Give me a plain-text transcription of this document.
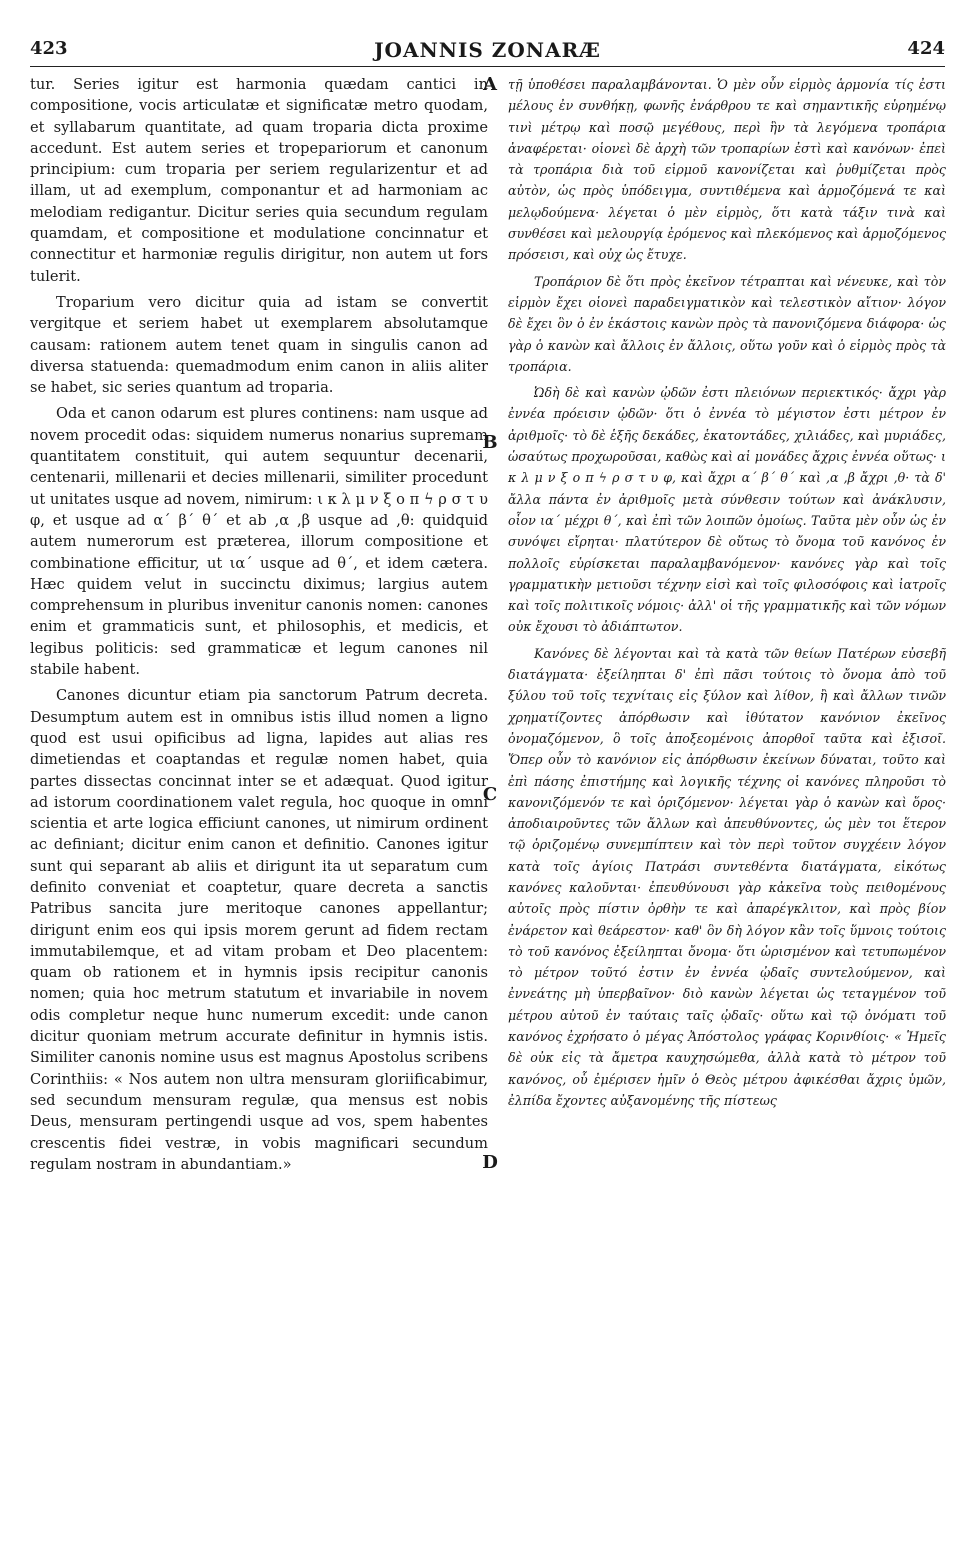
423	JOANNIS ZONARÆ	424

tur. Series igitur est harmonia quædam cantici in compositione, vocis articulatæ et significatæ metro quodam, et syllabarum quantitate, ad quam troparia dicta proxime accedunt. Est autem series et tropepariorum et canonum principium: cum troparia per seriem regularizentur et ad illam, ut ad exemplum, componantur et ad harmoniam ac melodiam redigantur. Dicitur series quia secundum regulam quamdam, et compositione et modulatione concinnatur et connectitur et harmoniæ regulis dirigitur, non autem ut fors tulerit.

Troparium vero dicitur quia ad istam se convertit vergitque et seriem habet ut exemplarem absolutamque causam: rationem autem tenet quam in singulis canon ad diversa statuenda: quemadmodum enim canon in aliis aliter se habet, sic series quantum ad troparia.

Oda et canon odarum est plures continens: nam usque ad novem procedit odas: siquidem numerus nonarius supremam quantitatem constituit, qui autem sequuntur decenarii, centenarii, millenarii et decies millenarii, similiter procedunt ut unitates usque ad novem, nimirum: ι κ λ μ ν ξ ο π ϟ ρ σ τ υ φ, et usque ad α΄ β΄ θ΄ et ab ,α ,β usque ad ,θ: quidquid autem numerorum est præterea, illorum compositione et combinatione efficitur, ut ια΄ usque ad θ΄, et idem cætera. Hæc quidem velut in succinctu diximus; largius autem comprehensum in pluribus invenitur canonis nomen: canones enim et grammaticis sunt, et philosophis, et medicis, et legibus politicis: sed grammaticæ et legum canones nil stabile habent.

Canones dicuntur etiam pia sanctorum Patrum decreta. Desumptum autem est in omnibus istis illud nomen a ligno quod est usui opificibus ad ligna, lapides aut alias res dimetiendas et coaptandas et regulæ nomen habet, quia partes dissectas concinnat inter se et adæquat. Quod igitur ad istorum coordinationem valet regula, hoc quoque in omni scientia et arte logica efficiunt canones, ut nimirum ordinent ac definiant; dicitur enim canon et definitio. Canones igitur sunt qui separant ab aliis et dirigunt ita ut separatum cum definito conveniat et coaptetur, quare decreta a sanctis Patribus sancita jure meritoque canones appellantur; dirigunt enim eos qui ipsis morem gerunt ad fidem rectam immutabilemque, et ad vitam probam et Deo placentem: quam ob rationem et in hymnis ipsis recipitur canonis nomen; quia hoc metrum statutum et invariabile in novem odis completur neque hunc numerum excedit: unde canon dicitur quoniam metrum accurate definitur in hymnis istis. Similiter canonis nomine usus est magnus Apostolus scribens Corinthiis: « Nos autem non ultra mensuram gloriificabimur, sed secundum mensuram regulæ, qua mensus est nobis Deus, mensuram pertingendi usque ad vos, spem habentes crescentis fidei vestræ, in vobis magnificari secundum regulam nostram in abundantiam.»

A
B
C
D

τῇ ὑποθέσει παραλαμβάνονται. Ὁ μὲν οὖν εἱρμὸς ἁρμονία τίς ἐστι μέλους ἐν συνθήκῃ, φωνῆς ἐνάρθρου τε καὶ σημαντικῆς εὑρημένῳ τινὶ μέτρῳ καὶ ποσῷ μεγέθους, περὶ ἣν τὰ λεγόμενα τροπάρια ἀναφέρεται· οἱονεὶ δὲ ἀρχὴ τῶν τροπαρίων ἐστὶ καὶ κανόνων· ἐπεὶ τὰ τροπάρια διὰ τοῦ εἱρμοῦ κανονίζεται καὶ ῥυθμίζεται πρὸς αὐτὸν, ὡς πρὸς ὑπόδειγμα, συντιθέμενα καὶ ἁρμοζόμενά τε καὶ μελῳδούμενα· λέγεται ὁ μὲν εἱρμὸς, ὅτι κατὰ τάξιν τινὰ καὶ συνθέσει καὶ μελουργίᾳ ἐρόμενος καὶ πλεκόμενος καὶ ἁρμοζόμενος πρόσεισι, καὶ οὐχ ὡς ἔτυχε.

Τροπάριον δὲ ὅτι πρὸς ἐκεῖνον τέτραπται καὶ νένευκε, καὶ τὸν εἱρμὸν ἔχει οἱονεὶ παραδειγματικὸν καὶ τελεστικὸν αἴτιον· λόγον δὲ ἔχει ὃν ὁ ἐν ἑκάστοις κανὼν πρὸς τὰ πανονιζόμενα διάφορα· ὡς γὰρ ὁ κανὼν καὶ ἄλλοις ἐν ἄλλοις, οὕτω γοῦν καὶ ὁ εἱρμὸς πρὸς τὰ τροπάρια.

Ὠδὴ δὲ καὶ κανὼν ᾠδῶν ἐστι πλειόνων περιεκτικός· ἄχρι γὰρ ἐννέα πρόεισιν ᾠδῶν· ὅτι ὁ ἐννέα τὸ μέγιστον ἐστι μέτρον ἐν ἀριθμοῖς· τὸ δὲ ἑξῆς δεκάδες, ἑκατοντάδες, χιλιάδες, καὶ μυριάδες, ὡσαύτως προχωροῦσαι, καθὼς καὶ αἱ μονάδες ἄχρις ἐννέα οὕτως· ι κ λ μ ν ξ ο π ϟ ρ σ τ υ φ, καὶ ἄχρι α΄ β΄ θ΄ καὶ ,α ,β ἄχρι ,θ· τὰ δ' ἄλλα πάντα ἐν ἀριθμοῖς μετὰ σύνθεσιν τούτων καὶ ἀνάκλυσιν, οἷον ια΄ μέχρι θ΄, καὶ ἐπὶ τῶν λοιπῶν ὁμοίως. Ταῦτα μὲν οὖν ὡς ἐν συνόψει εἴρηται· πλατύτερον δὲ οὕτως τὸ ὄνομα τοῦ κανόνος ἐν πολλοῖς εὑρίσκεται παραλαμβανόμενον· κανόνες γὰρ καὶ τοῖς γραμματικὴν μετιοῦσι τέχνην εἰσὶ καὶ τοῖς φιλοσόφοις καὶ ἰατροῖς καὶ τοῖς πολιτικοῖς νόμοις· ἀλλ' οἱ τῆς γραμματικῆς καὶ τῶν νόμων οὐκ ἔχουσι τὸ ἀδιάπτωτον.

Κανόνες δὲ λέγονται καὶ τὰ κατὰ τῶν θείων Πατέρων εὐσεβῆ διατάγματα· ἐξείληπται δ' ἐπὶ πᾶσι τούτοις τὸ ὄνομα ἀπὸ τοῦ ξύλου τοῦ τοῖς τεχνίταις εἰς ξύλον καὶ λίθον, ἢ καὶ ἄλλων τινῶν χρηματίζοντες ἀπόρθωσιν καὶ ἰθύτατον κανόνιον ἐκεῖνος ὀνομαζόμενον, ὃ τοῖς ἀποξεομένοις ἀπορθοῖ ταῦτα καὶ ἐξισοῖ. Ὅπερ οὖν τὸ κανόνιον εἰς ἀπόρθωσιν ἐκείνων δύναται, τοῦτο καὶ ἐπὶ πάσης ἐπιστήμης καὶ λογικῆς τέχνης οἱ κανόνες πληροῦσι τὸ κανονιζόμενόν τε καὶ ὁριζόμενον· λέγεται γὰρ ὁ κανὼν καὶ ὅρος· ἀποδιαιροῦντες τῶν ἄλλων καὶ ἀπευθύνοντες, ὡς μὲν τοι ἕτερον τῷ ὁριζομένῳ συνεμπίπτειν καὶ τὸν περὶ τοῦτον συγχέειν λόγον κατὰ τοῖς ἁγίοις Πατράσι συντεθέντα διατάγματα, εἰκότως κανόνες καλοῦνται· ἐπευθύνουσι γὰρ κἀκεῖνα τοὺς πειθομένους αὐτοῖς πρὸς πίστιν ὀρθὴν τε καὶ ἀπαρέγκλιτον, καὶ πρὸς βίον ἐνάρετον καὶ θεάρεστον· καθ' ὃν δὴ λόγον κἂν τοῖς ὕμνοις τούτοις τὸ τοῦ κανόνος ἐξείληπται ὄνομα· ὅτι ὡρισμένον καὶ τετυπωμένον τὸ μέτρον τοῦτό ἐστιν ἐν ἐννέα ᾠδαῖς συντελούμενον, καὶ ἐννεάτης μὴ ὑπερβαῖνον· διὸ κανὼν λέγεται ὡς τεταγμένον τοῦ μέτρου αὐτοῦ ἐν ταύταις ταῖς ᾠδαῖς· οὕτω καὶ τῷ ὀνόματι τοῦ κανόνος ἐχρήσατο ὁ μέγας Ἀπόστολος γράφας Κορινθίοις· « Ἡμεῖς δὲ οὐκ εἰς τὰ ἄμετρα καυχησώμεθα, ἀλλὰ κατὰ τὸ μέτρον τοῦ κανόνος, οὗ ἐμέρισεν ἡμῖν ὁ Θεὸς μέτρου ἀφικέσθαι ἄχρις ὑμῶν, ἐλπίδα ἔχοντες αὐξανομένης τῆς πίστεως
